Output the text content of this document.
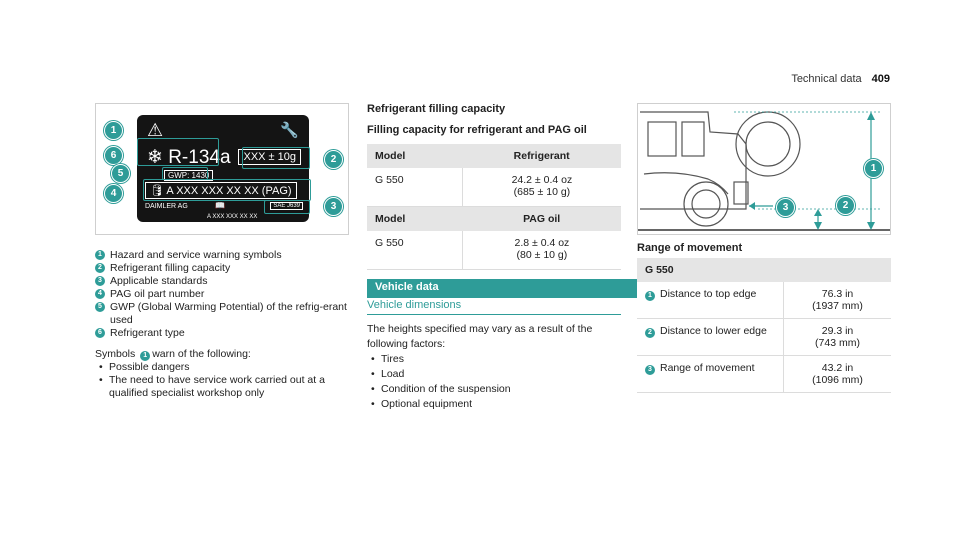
Technical data 409
⚠	🔧
❄ R-134a	XXX ± 10g
GWP: 1430
🛢 A XXX XXX XX XX (PAG)
DAIMLER AG	📖	SAE J639
A XXX XXX XX XX
1
6
5
4
2
3
1 Hazard and service warning symbols
2 Refrigerant filling capacity
3 Applicable standards
4 PAG oil part number
5 GWP (Global Warming Potential) of the refrig-erant used
6 Refrigerant type
Symbols 1 warn of the following:
• Possible dangers
• The need to have service work carried out at a qualified specialist workshop only
Refrigerant filling capacity
Filling capacity for refrigerant and PAG oil
Model	Refrigerant
G 550	24.2 ± 0.4 oz
(685 ± 10 g)

Model	PAG oil
G 550	2.8 ± 0.4 oz
(80 ± 10 g)
Vehicle data
Vehicle dimensions
The heights specified may vary as a result of the following factors:
• Tires
• Load
• Condition of the suspension
• Optional equipment
1
2
3
Range of movement
G 550	
1 Distance to top edge	76.3 in
(1937 mm)

2 Distance to lower edge	29.3 in
(743 mm)

3 Range of movement	43.2 in
(1096 mm)
